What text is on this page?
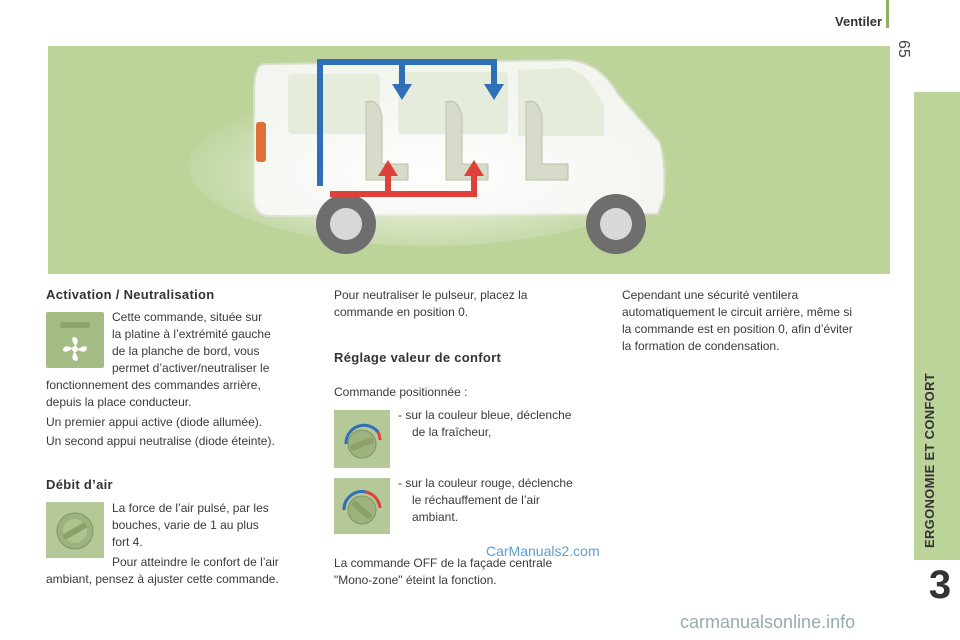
Ventiler
65
ERGONOMIE ET CONFORT
3
Activation / Neutralisation

Cette commande, située sur

la platine à l’extrémité gauche

de la planche de bord, vous

permet d’activer/neutraliser le

fonctionnement des commandes arrière,

depuis la place conducteur.

Un premier appui active (diode allumée).

Un second appui neutralise (diode éteinte).

Débit d’air

La force de l’air pulsé, par les

bouches, varie de 1 au plus

fort 4.

Pour atteindre le confort de l’air

ambiant, pensez à ajuster cette commande.

Pour neutraliser le pulseur, placez la

commande en position 0.

Réglage valeur de confort

Commande positionnée :

- sur la couleur bleue, déclenche

de la fraîcheur,

- sur la couleur rouge, déclenche

le réchauffement de l’air

ambiant.

La commande OFF de la façade centrale

"Mono-zone" éteint la fonction.

Cependant une sécurité ventilera

automatiquement le circuit arrière, même si

la commande est en position 0, afin d’éviter

la formation de condensation.

CarManuals2.com
carmanualsonline.info
